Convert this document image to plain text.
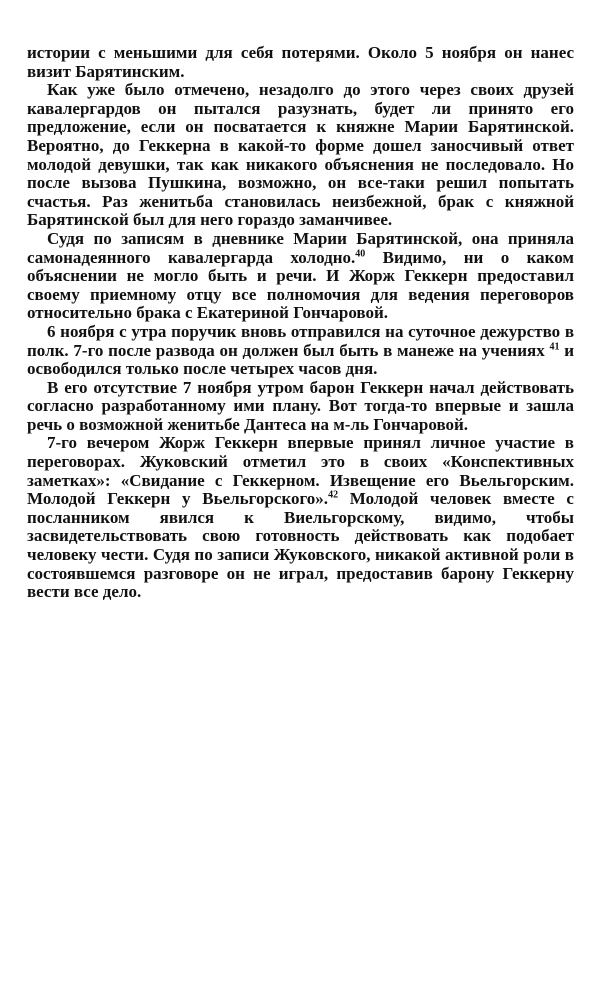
истории с меньшими для себя потерями. Около 5 ноября он нанес визит Барятинским.

Как уже было отмечено, незадолго до этого через своих друзей кавалергардов он пытался разузнать, будет ли принято его предложение, если он посватается к княжне Марии Барятинской. Вероятно, до Геккерна в какой-то форме дошел заносчивый ответ молодой девушки, так как никакого объяснения не последовало. Но после вызова Пушкина, возможно, он все-таки решил попытать счастья. Раз женитьба становилась неизбежной, брак с княжной Барятинской был для него гораздо заманчивее.

Судя по записям в дневнике Марии Барятинской, она приняла самонадеянного кавалергарда холодно.$^{40}$ Видимо, ни о каком объяснении не могло быть и речи. И Жорж Геккерн предоставил своему приемному отцу все полномочия для ведения переговоров относительно брака с Екатериной Гончаровой.

6 ноября с утра поручик вновь отправился на суточное дежурство в полк. 7-го после развода он должен был быть в манеже на учениях $^{41}$ и освободился только после четырех часов дня.

В его отсутствие 7 ноября утром барон Геккерн начал действовать согласно разработанному ими плану. Вот тогда-то впервые и зашла речь о возможной женитьбе Дантеса на м-ль Гончаровой.

7-го вечером Жорж Геккерн впервые принял личное участие в переговорах. Жуковский отметил это в своих «Конспективных заметках»: «Свидание с Геккерном. Извещение его Вьельгорским. Молодой Геккерн у Вьельгорского».$^{42}$ Молодой человек вместе с посланником явился к Виельгорскому, видимо, чтобы засвидетельствовать свою готовность действовать как подобает человеку чести. Судя по записи Жуковского, никакой активной роли в состоявшемся разговоре он не играл, предоставив барону Геккерну вести все дело.
